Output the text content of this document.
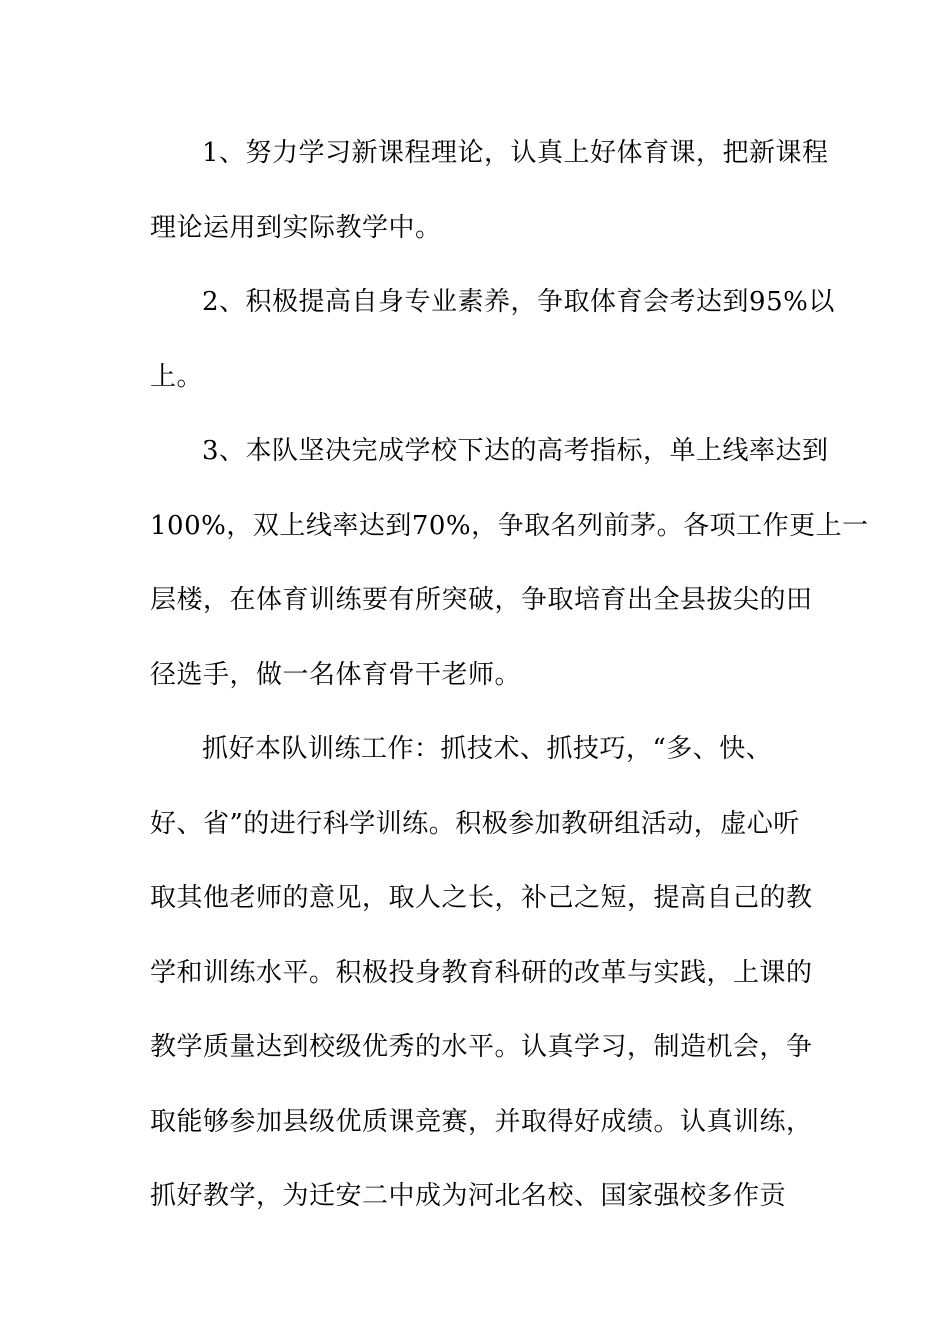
1、努力学习新课程理论，认真上好体育课，把新课程
理论运用到实际教学中。
2、积极提高自身专业素养，争取体育会考达到95%以
上。
3、本队坚决完成学校下达的高考指标，单上线率达到
100%，双上线率达到70%，争取名列前茅。各项工作更上一
层楼，在体育训练要有所突破，争取培育出全县拔尖的田
径选手，做一名体育骨干老师。
抓好本队训练工作：抓技术、抓技巧，“多、快、
好、省”的进行科学训练。积极参加教研组活动，虚心听
取其他老师的意见，取人之长，补己之短，提高自己的教
学和训练水平。积极投身教育科研的改革与实践，上课的
教学质量达到校级优秀的水平。认真学习，制造机会，争
取能够参加县级优质课竞赛，并取得好成绩。认真训练，
抓好教学，为迁安二中成为河北名校、国家强校多作贡
